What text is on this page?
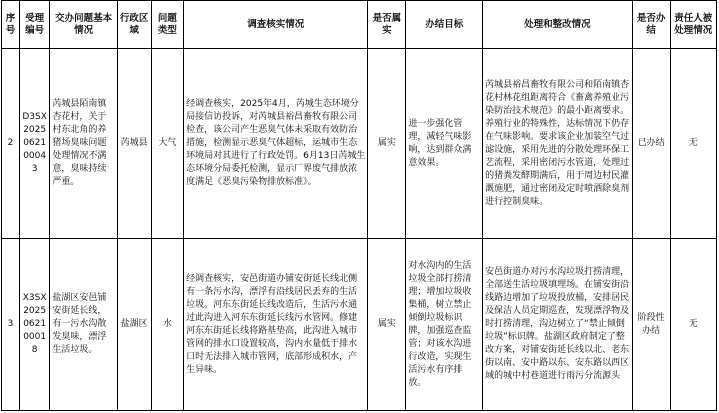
序号	受理编号	交办问题基本情况	行政区域	问题类型	调查核实情况	是否属实	办结目标	处理和整改情况	是否办结	责任人被处理情况
2	D3SX2025062100043	芮城县陌南镇杏花村，关于村东北角的养猪场臭味问题处理情况不满意，臭味持续严重。	芮城县	大气	经调查核实，2025年4月，芮城生态环境分局接信访投诉，对芮城县裕昌畜牧有限公司检查，该公司产生恶臭气体未采取有效防治措施，检测显示恶臭气体超标，运城市生态环境局对其进行了行政处罚。6月13日芮城生态环境分局委托检测，显示厂界废气排放浓度满足《恶臭污染物排放标准》。	属实	进一步强化管理，减轻气味影响，达到群众满意效果。	芮城县裕昌畜牧有限公司和陌南镇杏花村林花组距离符合《畜禽养殖业污染防治技术规范》的最小距离要求。养殖行业的特殊性，达标情况下仍存在气味影响。要求该企业加装空气过滤设施，采用先进的分散处理环保工艺流程，采用密闭污水管道，处理过的猪粪发酵期满后，用于周边村民灌溉施肥，通过密闭及定时喷洒除臭剂进行控制臭味。	已办结	无
3	X3SX2025062100018	盐湖区安邑铺安街延长线，有一污水沟散发臭味，漂浮生活垃圾。	盐湖区	水	经调查核实，安邑街道办铺安街延长线北侧有一条污水沟，漂浮有沿线居民丢弃的生活垃圾。河东东街延长线改造后，生活污水通过此沟进入河东东街延长线污水管网。修建河东东街延长线将路基垫高，此沟进入城市管网的排水口设置较高，沟内水量低于排水口时无法排入城市管网，底部形成积水，产生异味。	属实	对水沟内的生活垃圾全部打捞清理；增加垃圾收集桶，树立禁止倾倒垃圾标识牌，加强巡查监管；对该水沟进行改造，实现生活污水有序排放。	安邑街道办对污水沟垃圾打捞清理，全部送生活垃圾填埋场。在铺安街沿线路边增加了垃圾投放桶，安排居民及保洁人员定期巡查，发现漂浮物及时打捞清理，沟边树立了“禁止倾倒垃圾”标识牌。盐湖区政府制定了整改方案，对铺安街延长线以北、老东街以南、安中路以东、安东路以西区域的城中村巷道进行雨污分流源头	阶段性办结	无
